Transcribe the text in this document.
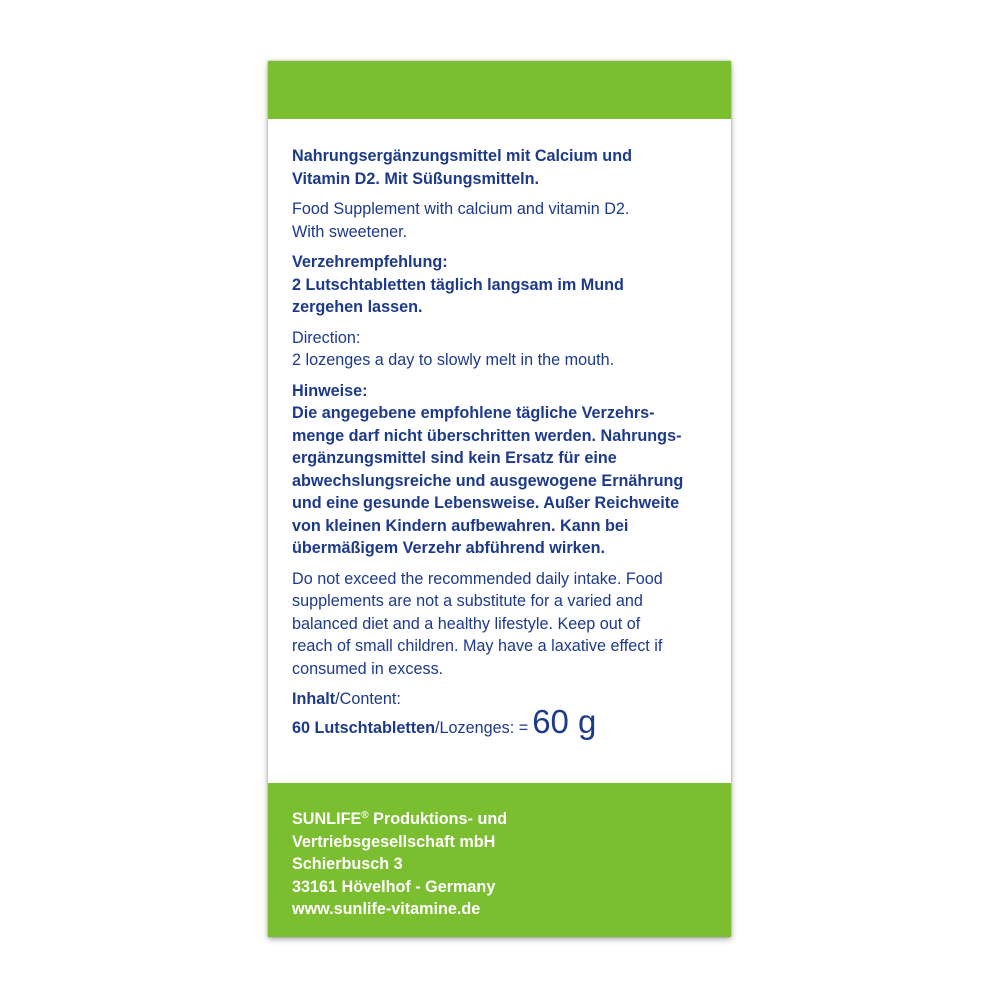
Nahrungsergänzungsmittel mit Calcium und
Vitamin D2. Mit Süßungsmitteln.

Food Supplement with calcium and vitamin D2.
With sweetener.

Verzehrempfehlung:

2 Lutschtabletten täglich langsam im Mund
zergehen lassen.

Direction:

2 lozenges a day to slowly melt in the mouth.

Hinweise:

Die angegebene empfohlene tägliche Verzehrs-
menge darf nicht überschritten werden. Nahrungs-
ergänzungsmittel sind kein Ersatz für eine
abwechslungsreiche und ausgewogene Ernährung
und eine gesunde Lebensweise. Außer Reichweite
von kleinen Kindern aufbewahren. Kann bei
übermäßigem Verzehr abführend wirken.

Do not exceed the recommended daily intake. Food
supplements are not a substitute for a varied and
balanced diet and a healthy lifestyle. Keep out of
reach of small children. May have a laxative effect if
consumed in excess.

Inhalt/Content:

60 Lutschtabletten /Lozenges: = 60 g

SUNLIFE® Produktions- und

Vertriebsgesellschaft mbH

Schierbusch 3

33161 Hövelhof - Germany

www.sunlife-vitamine.de
